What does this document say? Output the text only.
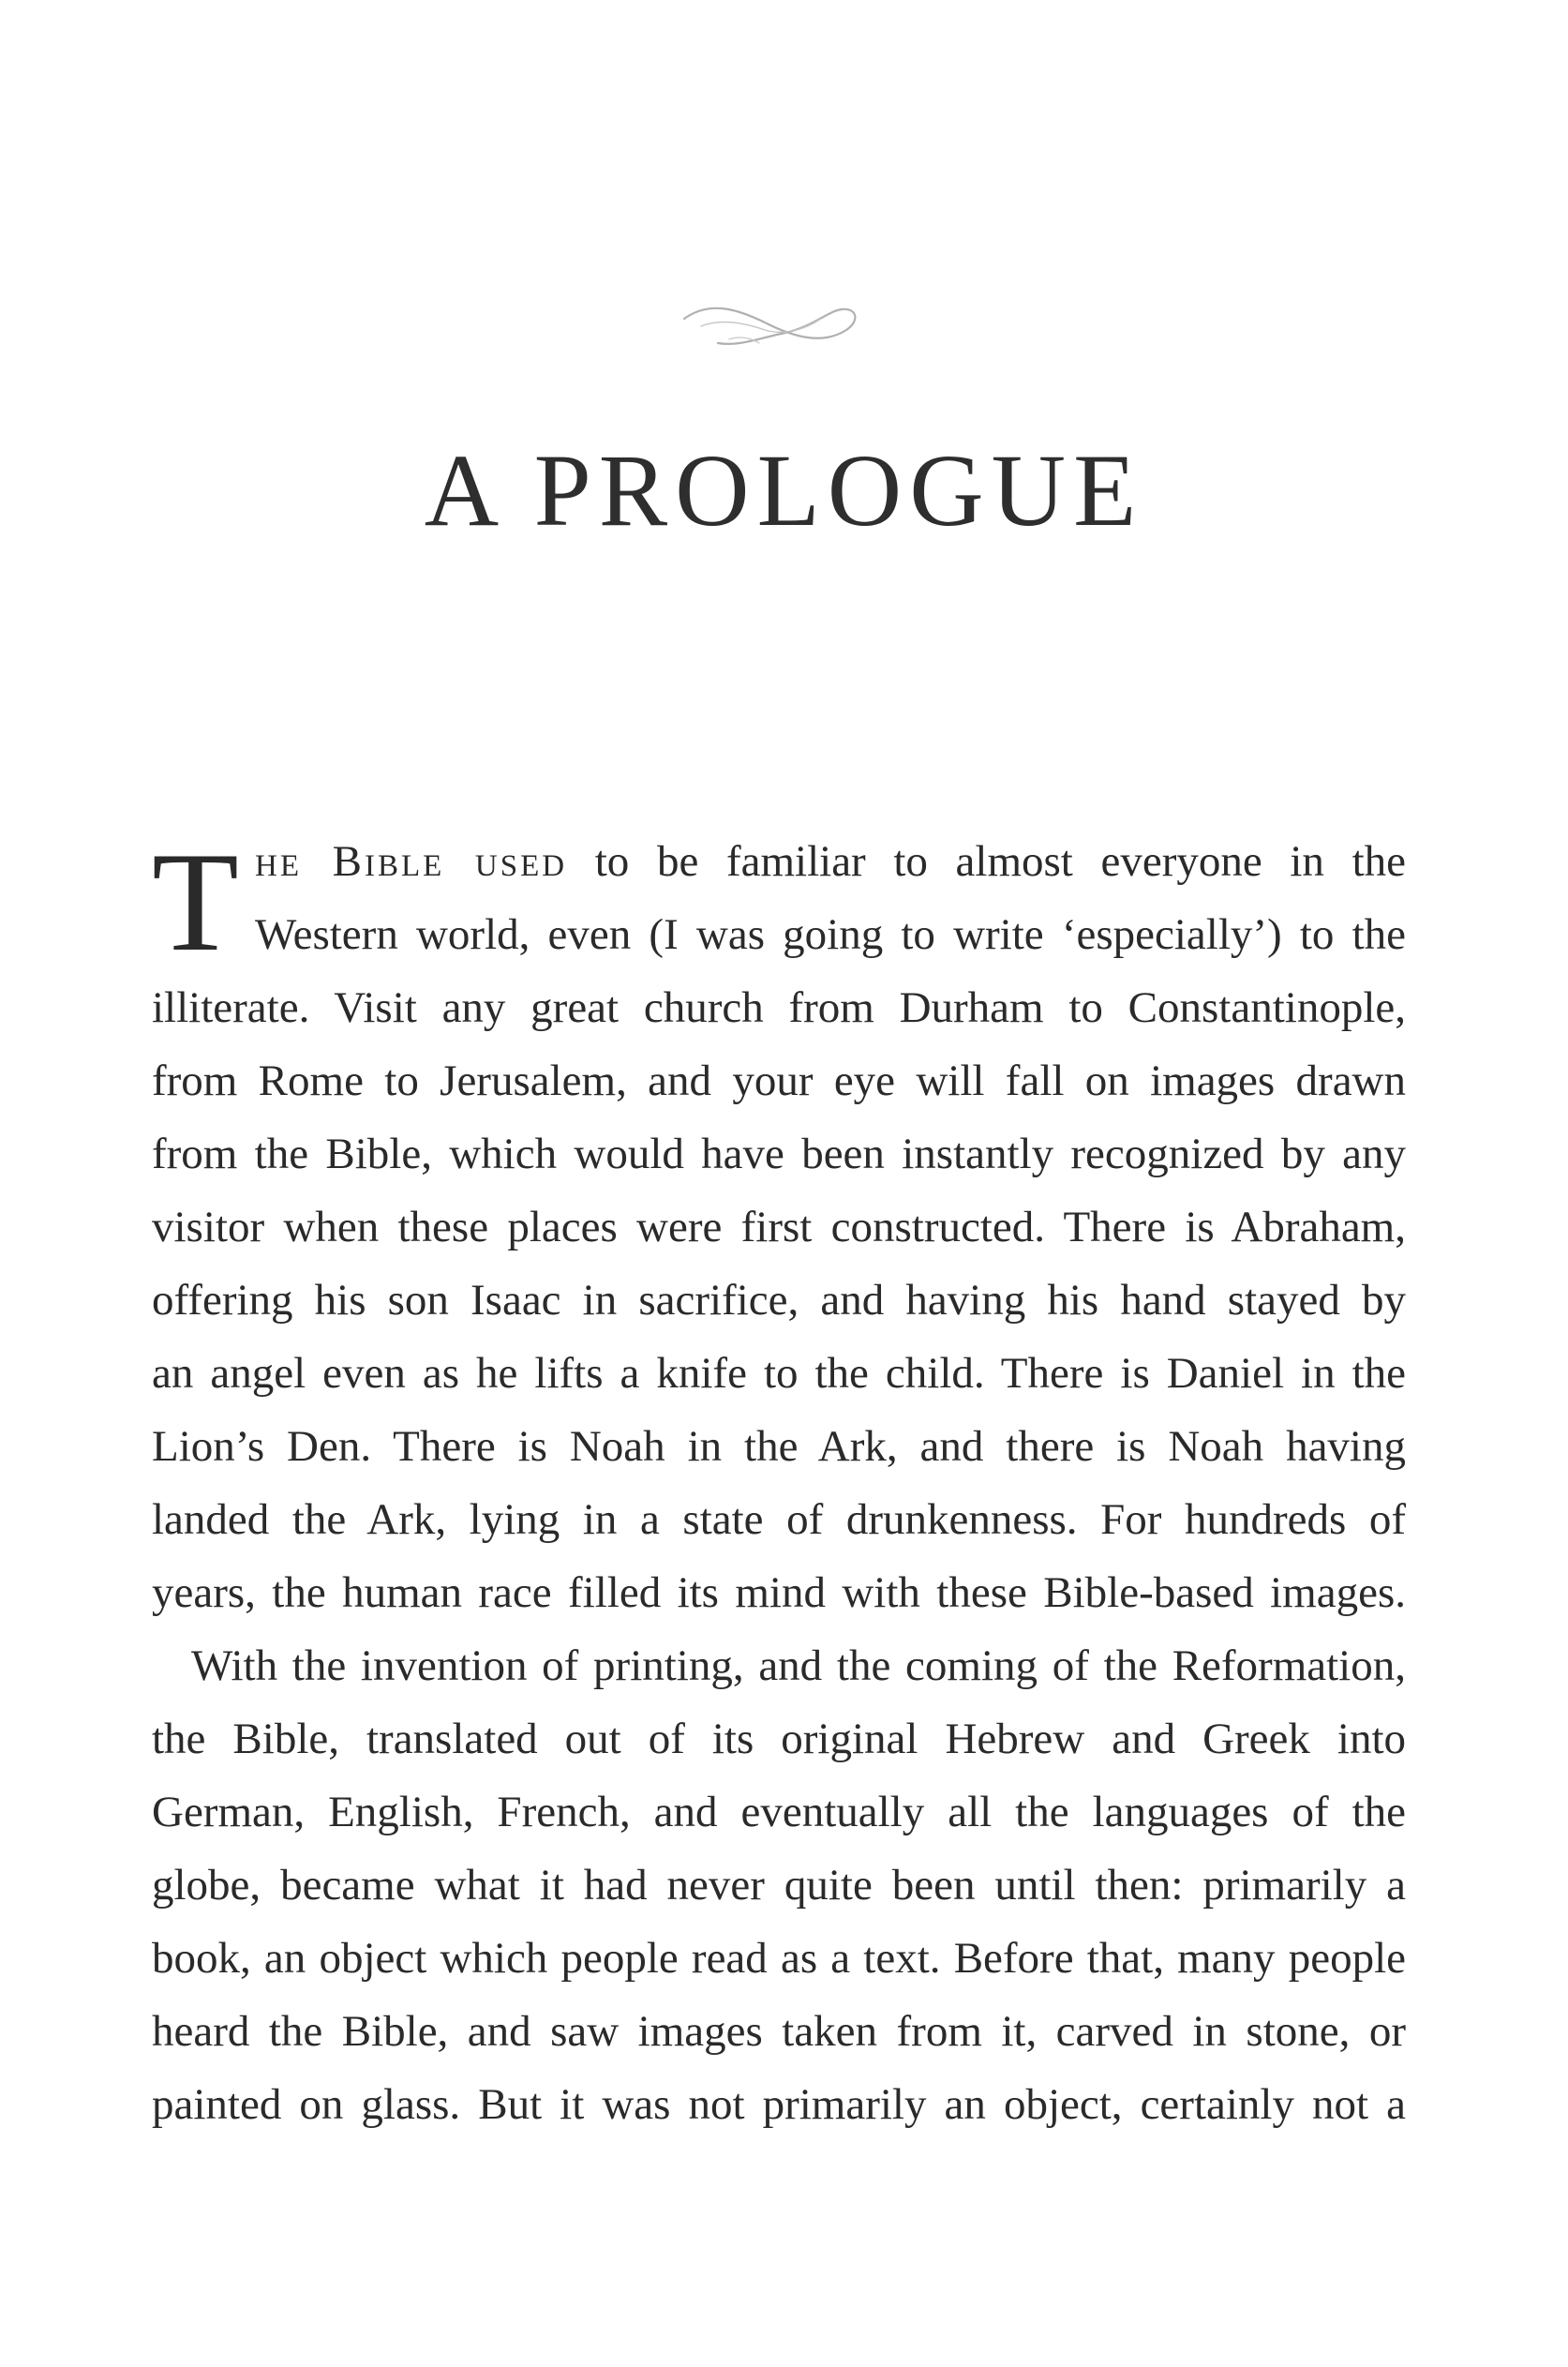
A PROLOGUE
T he Bible used to be familiar to almost everyone in the
Western world, even (I was going to write ‘especially’) to the
illiterate. Visit any great church from Durham to Constantinople,
from Rome to Jerusalem, and your eye will fall on images drawn
from the Bible, which would have been instantly recognized by any
visitor when these places were first constructed. There is Abraham,
offering his son Isaac in sacrifice, and having his hand stayed by
an angel even as he lifts a knife to the child. There is Daniel in the
Lion’s Den. There is Noah in the Ark, and there is Noah having
landed the Ark, lying in a state of drunkenness. For hundreds of
years, the human race filled its mind with these Bible-based images.
With the invention of printing, and the coming of the Reformation,
the Bible, translated out of its original Hebrew and Greek into
German, English, French, and eventually all the languages of the
globe, became what it had never quite been until then: primarily a
book, an object which people read as a text. Before that, many people
heard the Bible, and saw images taken from it, carved in stone, or
painted on glass. But it was not primarily an object, certainly not a
